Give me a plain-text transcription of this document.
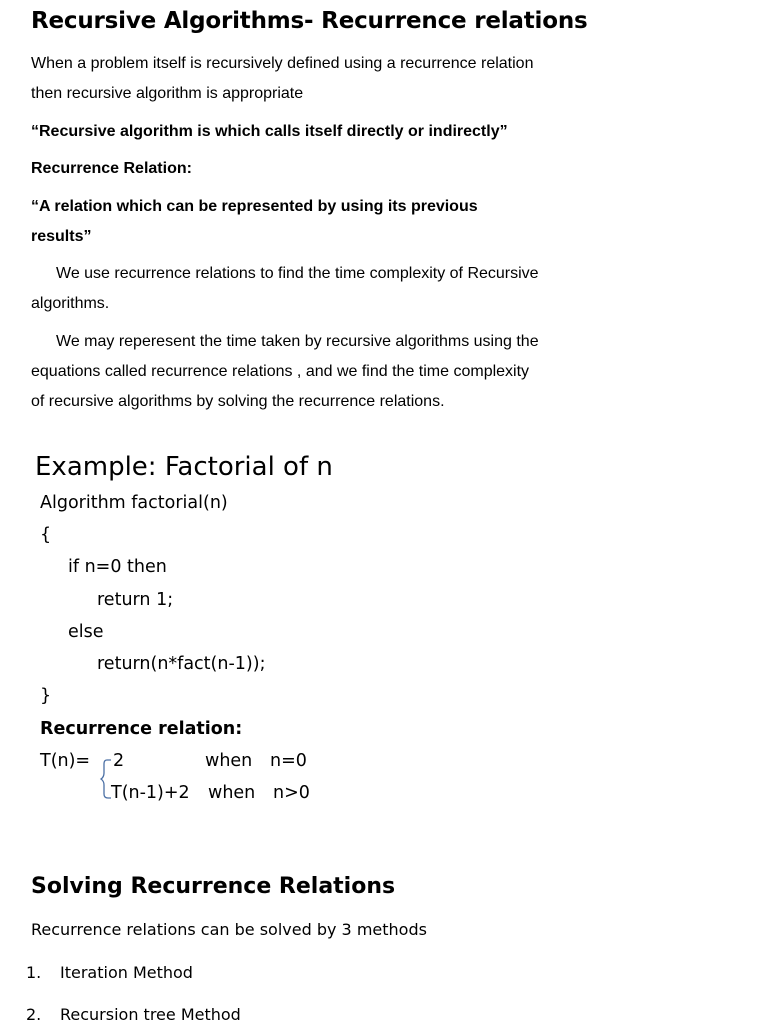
Recursive Algorithms- Recurrence relations
When a problem itself is recursively defined using a recurrence relation
then recursive algorithm is appropriate
“Recursive algorithm is which calls itself directly or indirectly”
Recurrence Relation:
“A relation which can be represented by using its previous
results”
We use recurrence relations to find the time complexity of Recursive
algorithms.
We may reperesent the time taken by recursive algorithms using the
equations called recurrence relations , and we find the time complexity
of recursive algorithms by solving the recurrence relations.
Example: Factorial of n
Algorithm factorial(n)
{
if n=0 then
return 1;
else
return(n*fact(n-1));
}
Recurrence relation:
T(n)= 2	when n=0
T(n-1)+2 when n>0
Solving Recurrence Relations
Recurrence relations can be solved by 3 methods
1. Iteration Method
2. Recursion tree Method
